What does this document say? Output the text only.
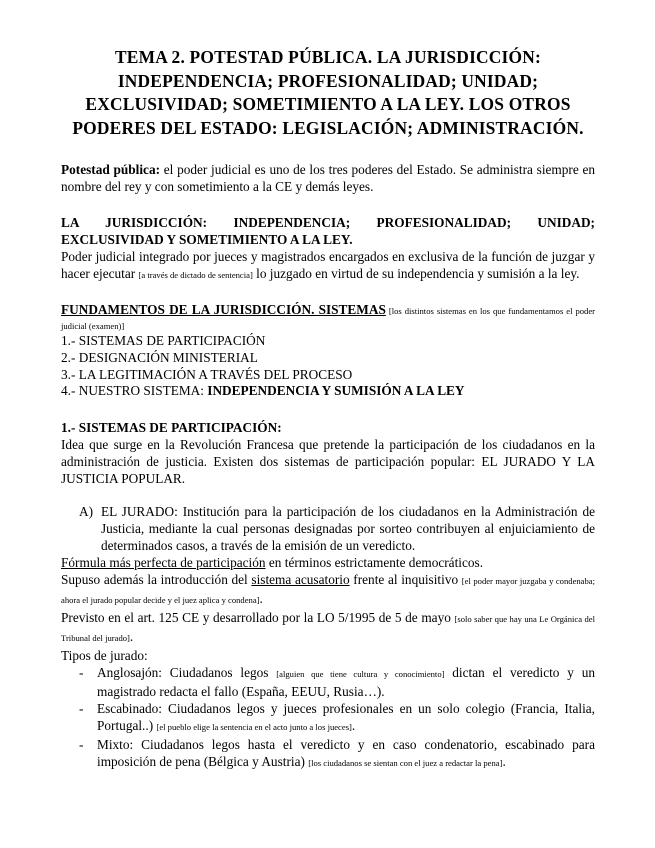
TEMA 2. POTESTAD PÚBLICA. LA JURISDICCIÓN:
INDEPENDENCIA; PROFESIONALIDAD; UNIDAD;
EXCLUSIVIDAD; SOMETIMIENTO A LA LEY. LOS OTROS
PODERES DEL ESTADO: LEGISLACIÓN; ADMINISTRACIÓN.

Potestad pública: el poder judicial es uno de los tres poderes del Estado. Se administra siempre en nombre del rey y con sometimiento a la CE y demás leyes.

LA JURISDICCIÓN: INDEPENDENCIA; PROFESIONALIDAD; UNIDAD; EXCLUSIVIDAD Y SOMETIMIENTO A LA LEY.

Poder judicial integrado por jueces y magistrados encargados en exclusiva de la función de juzgar y hacer ejecutar [a través de dictado de sentencia] lo juzgado en virtud de su independencia y sumisión a la ley.

FUNDAMENTOS DE LA JURISDICCIÓN. SISTEMAS [los distintos sistemas en los que fundamentamos el poder judicial (examen)]

1.- SISTEMAS DE PARTICIPACIÓN
2.- DESIGNACIÓN MINISTERIAL
3.- LA LEGITIMACIÓN A TRAVÉS DEL PROCESO
4.- NUESTRO SISTEMA: INDEPENDENCIA Y SUMISIÓN A LA LEY

1.- SISTEMAS DE PARTICIPACIÓN:

Idea que surge en la Revolución Francesa que pretende la participación de los ciudadanos en la administración de justicia. Existen dos sistemas de participación popular: EL JURADO Y LA JUSTICIA POPULAR.

A) EL JURADO: Institución para la participación de los ciudadanos en la Administración de Justicia, mediante la cual personas designadas por sorteo contribuyen al enjuiciamiento de determinados casos, a través de la emisión de un veredicto.

Fórmula más perfecta de participación en términos estrictamente democráticos.

Supuso además la introducción del sistema acusatorio frente al inquisitivo [el poder mayor juzgaba y condenaba; ahora el jurado popular decide y el juez aplica y condena].

Previsto en el art. 125 CE y desarrollado por la LO 5/1995 de 5 de mayo [solo saber que hay una Le Orgánica del Tribunal del jurado].

Tipos de jurado:

-	Anglosajón: Ciudadanos legos [alguien que tiene cultura y conocimiento] dictan el veredicto y un magistrado redacta el fallo (España, EEUU, Rusia…).
-	Escabinado: Ciudadanos legos y jueces profesionales en un solo colegio (Francia, Italia, Portugal..) [el pueblo elige la sentencia en el acto junto a los jueces].
-	Mixto: Ciudadanos legos hasta el veredicto y en caso condenatorio, escabinado para imposición de pena (Bélgica y Austria) [los ciudadanos se sientan con el juez a redactar la pena].
